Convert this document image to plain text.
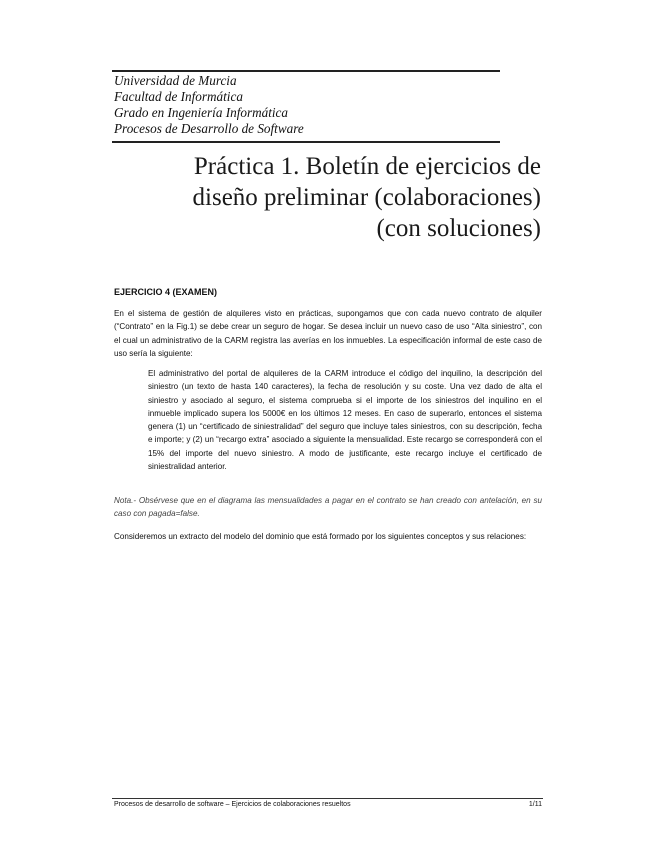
Universidad de Murcia
Facultad de Informática
Grado en Ingeniería Informática
Procesos de Desarrollo de Software
Práctica 1. Boletín de ejercicios de
diseño preliminar (colaboraciones)
(con soluciones)
EJERCICIO 4 (EXAMEN)
En el sistema de gestión de alquileres visto en prácticas, supongamos que con cada nuevo contrato de alquiler (“Contrato” en la Fig.1) se debe crear un seguro de hogar. Se desea incluir un nuevo caso de uso “Alta siniestro”, con el cual un administrativo de la CARM registra las averías en los inmuebles. La especificación informal de este caso de uso sería la siguiente:
El administrativo del portal de alquileres de la CARM introduce el código del inquilino, la descripción del siniestro (un texto de hasta 140 caracteres), la fecha de resolución y su coste. Una vez dado de alta el siniestro y asociado al seguro, el sistema comprueba si el importe de los siniestros del inquilino en el inmueble implicado supera los 5000€ en los últimos 12 meses. En caso de superarlo, entonces el sistema genera (1) un “certificado de siniestralidad” del seguro que incluye tales siniestros, con su descripción, fecha e importe; y (2) un “recargo extra” asociado a siguiente la mensualidad. Este recargo se corresponderá con el 15% del importe del nuevo siniestro. A modo de justificante, este recargo incluye el certificado de siniestralidad anterior.
Nota.- Obsérvese que en el diagrama las mensualidades a pagar en el contrato se han creado con antelación, en su caso con pagada=false.
Consideremos un extracto del modelo del dominio que está formado por los siguientes conceptos y sus relaciones:
Procesos de desarrollo de software – Ejercicios de colaboraciones resueltos	1/11
